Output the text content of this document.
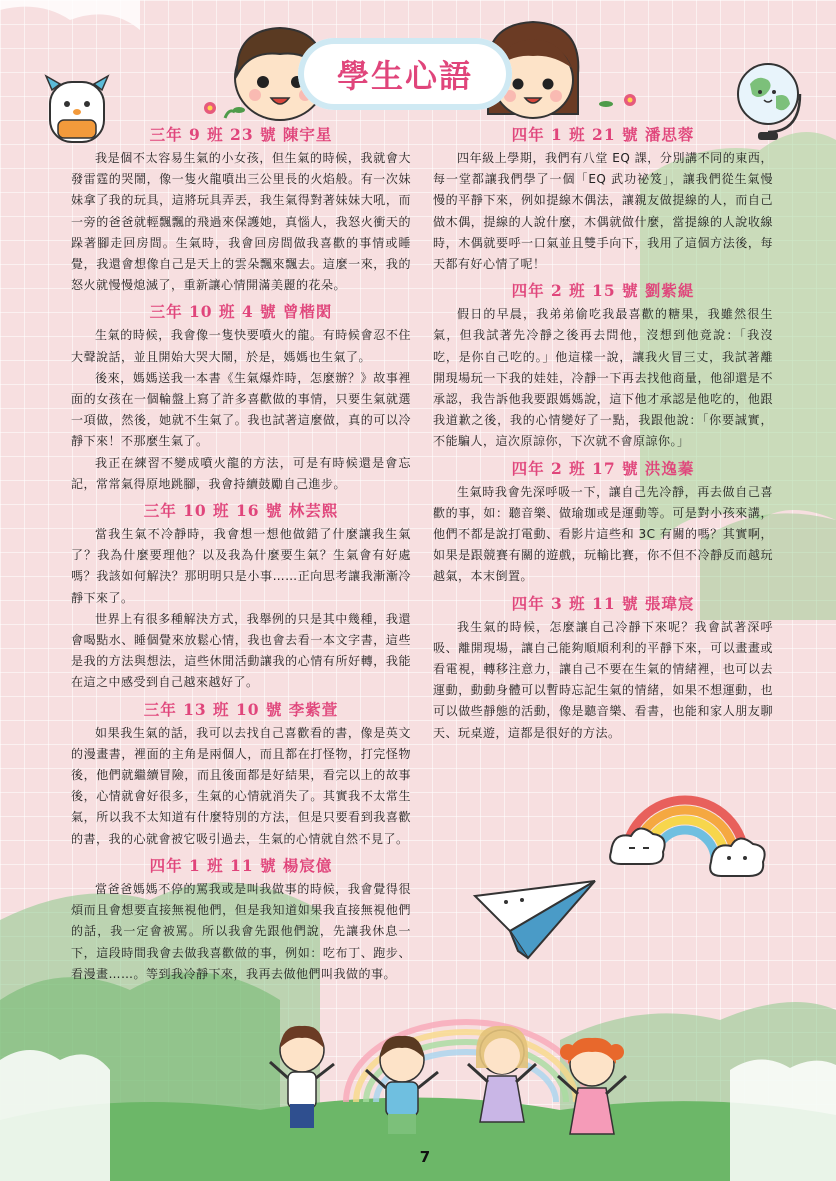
學生心語
三年 9 班 23 號 陳宇星

我是個不太容易生氣的小女孩，但生氣的時候，我就會大發雷霆的哭鬧，像一隻火龍噴出三公里長的火焰般。有一次妹妹拿了我的玩具，這將玩具弄丟，我生氣得對著妹妹大吼，而一旁的爸爸就輕飄飄的飛過來保護她，真惱人，我怒火衝天的跺著腳走回房間。生氣時，我會回房間做我喜歡的事情或睡覺，我還會想像自己是天上的雲朵飄來飄去。這麼一來，我的怒火就慢慢熄滅了，重新讓心情開滿美麗的花朵。

三年 10 班 4 號 曾楷閎

生氣的時候，我會像一隻快要噴火的龍。有時候會忍不住大聲說話，並且開始大哭大鬧，於是，媽媽也生氣了。

後來，媽媽送我一本書《生氣爆炸時，怎麼辦？》故事裡面的女孩在一個輪盤上寫了許多喜歡做的事情，只要生氣就選一項做，然後，她就不生氣了。我也試著這麼做，真的可以冷靜下來！不那麼生氣了。

我正在練習不變成噴火龍的方法，可是有時候還是會忘記，常常氣得原地跳腳，我會持續鼓勵自己進步。

三年 10 班 16 號 林芸熙

當我生氣不冷靜時，我會想一想他做錯了什麼讓我生氣了？我為什麼要理他？以及我為什麼要生氣？生氣會有好處嗎？我該如何解決？那明明只是小事……正向思考讓我漸漸冷靜下來了。

世界上有很多種解決方式，我舉例的只是其中幾種，我還會喝點水、睡個覺來放鬆心情，我也會去看一本文字書，這些是我的方法與想法，這些休閒活動讓我的心情有所好轉，我能在這之中感受到自己越來越好了。

三年 13 班 10 號 李紫萱

如果我生氣的話，我可以去找自己喜歡看的書，像是英文的漫畫書，裡面的主角是兩個人，而且都在打怪物，打完怪物後，他們就繼續冒險，而且後面都是好結果，看完以上的故事後，心情就會好很多，生氣的心情就消失了。其實我不太常生氣，所以我不太知道有什麼特別的方法，但是只要看到我喜歡的書，我的心就會被它吸引過去，生氣的心情就自然不見了。

四年 1 班 11 號 楊宸億

當爸爸媽媽不停的罵我或是叫我做事的時候，我會覺得很煩而且會想要直接無視他們，但是我知道如果我直接無視他們的話，我一定會被罵。所以我會先跟他們說，先讓我休息一下，這段時間我會去做我喜歡做的事，例如：吃布丁、跑步、看漫畫……。等到我冷靜下來，我再去做他們叫我做的事。

四年 1 班 21 號 潘思蓉

四年級上學期，我們有八堂 EQ 課，分別講不同的東西，每一堂都讓我們學了一個「EQ 武功祕笈」，讓我們從生氣慢慢的平靜下來，例如提線木偶法，讓親友做提線的人，而自己做木偶，提線的人說什麼，木偶就做什麼，當提線的人說收線時，木偶就要呼一口氣並且雙手向下，我用了這個方法後，每天都有好心情了呢！

四年 2 班 15 號 劉紫緹

假日的早晨，我弟弟偷吃我最喜歡的糖果，我雖然很生氣，但我試著先冷靜之後再去問他，沒想到他竟說：「我沒吃，是你自己吃的。」他這樣一說，讓我火冒三丈，我試著離開現場玩一下我的娃娃，冷靜一下再去找他商量，他卻還是不承認，我告訴他我要跟媽媽說，這下他才承認是他吃的，他跟我道歉之後，我的心情變好了一點，我跟他說：「你要誠實，不能騙人，這次原諒你，下次就不會原諒你。」

四年 2 班 17 號 洪逸蓁

生氣時我會先深呼吸一下，讓自己先冷靜，再去做自己喜歡的事，如：聽音樂、做瑜珈或是運動等。可是對小孩來講，他們不都是說打電動、看影片這些和 3C 有關的嗎？其實啊，如果是跟競賽有關的遊戲，玩輸比賽，你不但不冷靜反而越玩越氣，本末倒置。

四年 3 班 11 號 張瑋宸

我生氣的時候，怎麼讓自己冷靜下來呢？我會試著深呼吸、離開現場，讓自己能夠順順利利的平靜下來，可以畫畫或看電視，轉移注意力，讓自己不要在生氣的情緒裡，也可以去運動，動動身體可以暫時忘記生氣的情緒，如果不想運動，也可以做些靜態的活動，像是聽音樂、看書，也能和家人朋友聊天、玩桌遊，這都是很好的方法。

7
